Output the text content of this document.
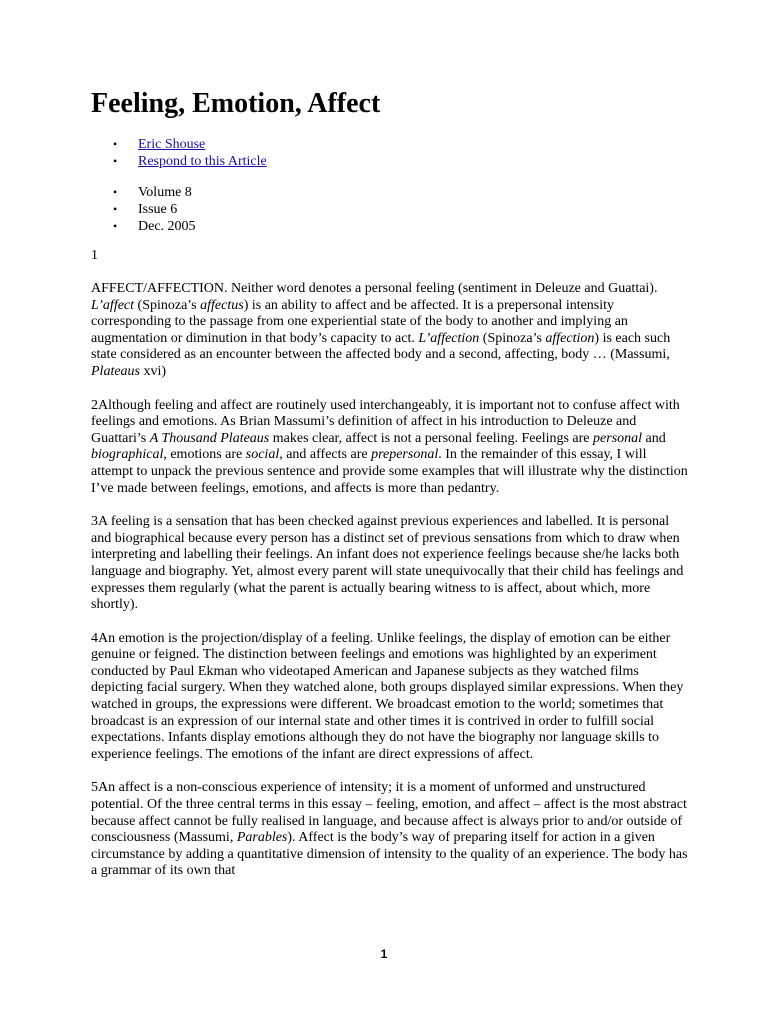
Feeling, Emotion, Affect
• Eric Shouse
• Respond to this Article
• Volume 8
• Issue 6
• Dec. 2005
1

AFFECT/AFFECTION. Neither word denotes a personal feeling (sentiment in Deleuze and Guattai). L’affect (Spinoza’s affectus) is an ability to affect and be affected. It is a prepersonal intensity corresponding to the passage from one experiential state of the body to another and implying an augmentation or diminution in that body’s capacity to act. L’affection (Spinoza’s affection) is each such state considered as an encounter between the affected body and a second, affecting, body … (Massumi, Plateaus xvi)

2Although feeling and affect are routinely used interchangeably, it is important not to confuse affect with feelings and emotions. As Brian Massumi’s definition of affect in his introduction to Deleuze and Guattari’s A Thousand Plateaus makes clear, affect is not a personal feeling. Feelings are personal and biographical, emotions are social, and affects are prepersonal. In the remainder of this essay, I will attempt to unpack the previous sentence and provide some examples that will illustrate why the distinction I’ve made between feelings, emotions, and affects is more than pedantry.

3A feeling is a sensation that has been checked against previous experiences and labelled. It is personal and biographical because every person has a distinct set of previous sensations from which to draw when interpreting and labelling their feelings. An infant does not experience feelings because she/he lacks both language and biography. Yet, almost every parent will state unequivocally that their child has feelings and expresses them regularly (what the parent is actually bearing witness to is affect, about which, more shortly).

4An emotion is the projection/display of a feeling. Unlike feelings, the display of emotion can be either genuine or feigned. The distinction between feelings and emotions was highlighted by an experiment conducted by Paul Ekman who videotaped American and Japanese subjects as they watched films depicting facial surgery. When they watched alone, both groups displayed similar expressions. When they watched in groups, the expressions were different. We broadcast emotion to the world; sometimes that broadcast is an expression of our internal state and other times it is contrived in order to fulfill social expectations. Infants display emotions although they do not have the biography nor language skills to experience feelings. The emotions of the infant are direct expressions of affect.

5An affect is a non-conscious experience of intensity; it is a moment of unformed and unstructured potential. Of the three central terms in this essay – feeling, emotion, and affect – affect is the most abstract because affect cannot be fully realised in language, and because affect is always prior to and/or outside of consciousness (Massumi, Parables). Affect is the body’s way of preparing itself for action in a given circumstance by adding a quantitative dimension of intensity to the quality of an experience. The body has a grammar of its own that

1
